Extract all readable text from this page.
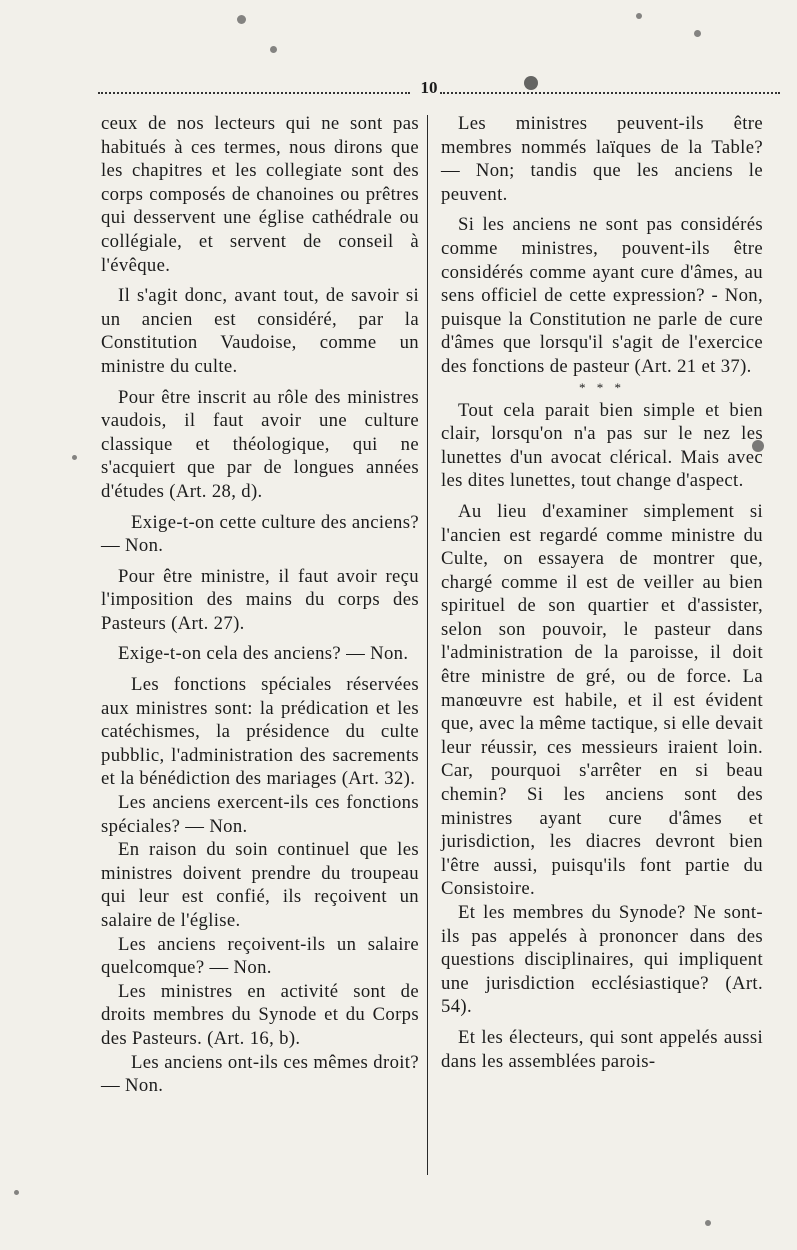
10

ceux de nos lecteurs qui ne sont pas habitués à ces termes, nous dirons que les chapitres et les collegiate sont des corps composés de chanoines ou prêtres qui desservent une église cathédrale ou collégiale, et servent de conseil à l'évêque.

Il s'agit donc, avant tout, de savoir si un ancien est considéré, par la Constitution Vaudoise, comme un ministre du culte.

Pour être inscrit au rôle des ministres vaudois, il faut avoir une culture classique et théologique, qui ne s'acquiert que par de longues années d'études (Art. 28, d).

Exige-t-on cette culture des anciens? — Non.

Pour être ministre, il faut avoir reçu l'imposition des mains du corps des Pasteurs (Art. 27).

Exige-t-on cela des anciens? — Non.

Les fonctions spéciales réservées aux ministres sont: la prédication et les catéchismes, la présidence du culte pubblic, l'administration des sacrements et la bénédiction des mariages (Art. 32).

Les anciens exercent-ils ces fonctions spéciales? — Non.

En raison du soin continuel que les ministres doivent prendre du troupeau qui leur est confié, ils reçoivent un salaire de l'église.

Les anciens reçoivent-ils un salaire quelcomque? — Non.

Les ministres en activité sont de droits membres du Synode et du Corps des Pasteurs. (Art. 16, b).

Les anciens ont-ils ces mêmes droit? — Non.

Les ministres peuvent-ils être membres nommés laïques de la Table? — Non; tandis que les anciens le peuvent.

Si les anciens ne sont pas considérés comme ministres, pouvent-ils être considérés comme ayant cure d'âmes, au sens officiel de cette expression? - Non, puisque la Constitution ne parle de cure d'âmes que lorsqu'il s'agit de l'exercice des fonctions de pasteur (Art. 21 et 37).

* * *

Tout cela parait bien simple et bien clair, lorsqu'on n'a pas sur le nez les lunettes d'un avocat clérical. Mais avec les dites lunettes, tout change d'aspect.

Au lieu d'examiner simplement si l'ancien est regardé comme ministre du Culte, on essayera de montrer que, chargé comme il est de veiller au bien spirituel de son quartier et d'assister, selon son pouvoir, le pasteur dans l'administration de la paroisse, il doit être ministre de gré, ou de force. La manœuvre est habile, et il est évident que, avec la même tactique, si elle devait leur réussir, ces messieurs iraient loin. Car, pourquoi s'arrêter en si beau chemin? Si les anciens sont des ministres ayant cure d'âmes et jurisdiction, les diacres devront bien l'être aussi, puisqu'ils font partie du Consistoire.

Et les membres du Synode? Ne sont-ils pas appelés à prononcer dans des questions disciplinaires, qui impliquent une jurisdiction ecclésiastique? (Art. 54).

Et les électeurs, qui sont appelés aussi dans les assemblées parois-
